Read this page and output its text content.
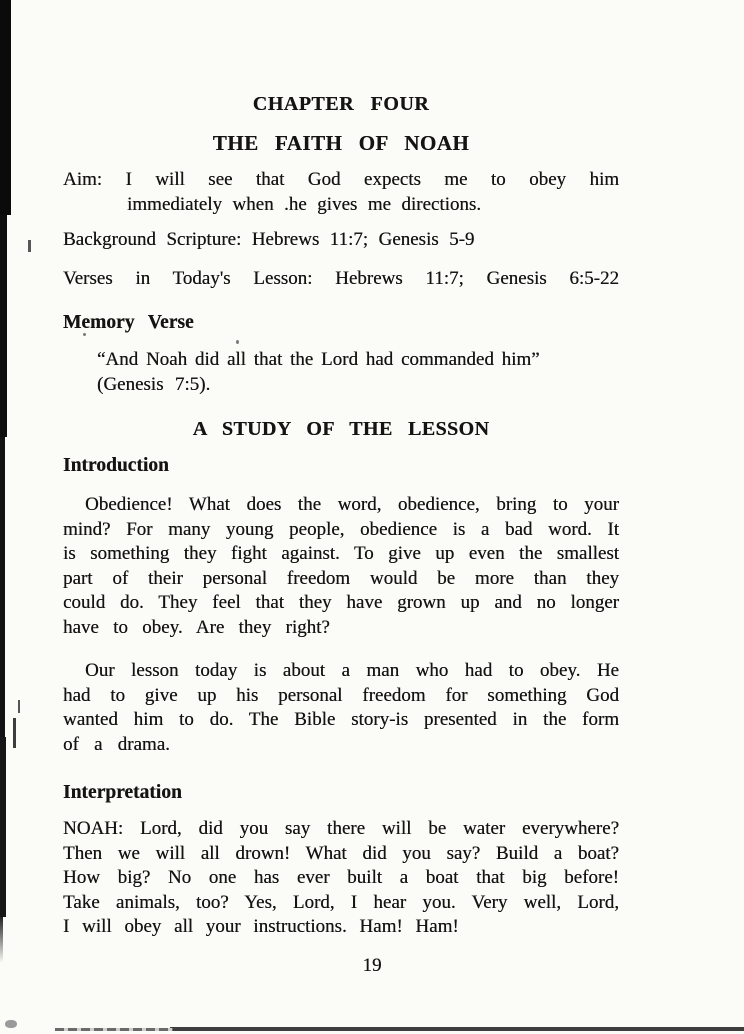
CHAPTER FOUR
THE FAITH OF NOAH
Aim: I will see that God expects me to obey him
immediately when .he gives me directions.
Background Scripture: Hebrews 11:7; Genesis 5-9
Verses in Today's Lesson: Hebrews 11:7; Genesis 6:5-22
Memory Verse
“And Noah did all that the Lord had commanded him”
(Genesis 7:5).
A STUDY OF THE LESSON
Introduction
Obedience! What does the word, obedience, bring to your
mind? For many young people, obedience is a bad word. It
is something they fight against. To give up even the smallest
part of their personal freedom would be more than they
could do. They feel that they have grown up and no longer
have to obey. Are they right?
Our lesson today is about a man who had to obey. He
had to give up his personal freedom for something God
wanted him to do. The Bible story-is presented in the form
of a drama.
Interpretation
NOAH: Lord, did you say there will be water everywhere?
Then we will all drown! What did you say? Build a boat?
How big? No one has ever built a boat that big before!
Take animals, too? Yes, Lord, I hear you. Very well, Lord,
I will obey all your instructions. Ham! Ham!
19
